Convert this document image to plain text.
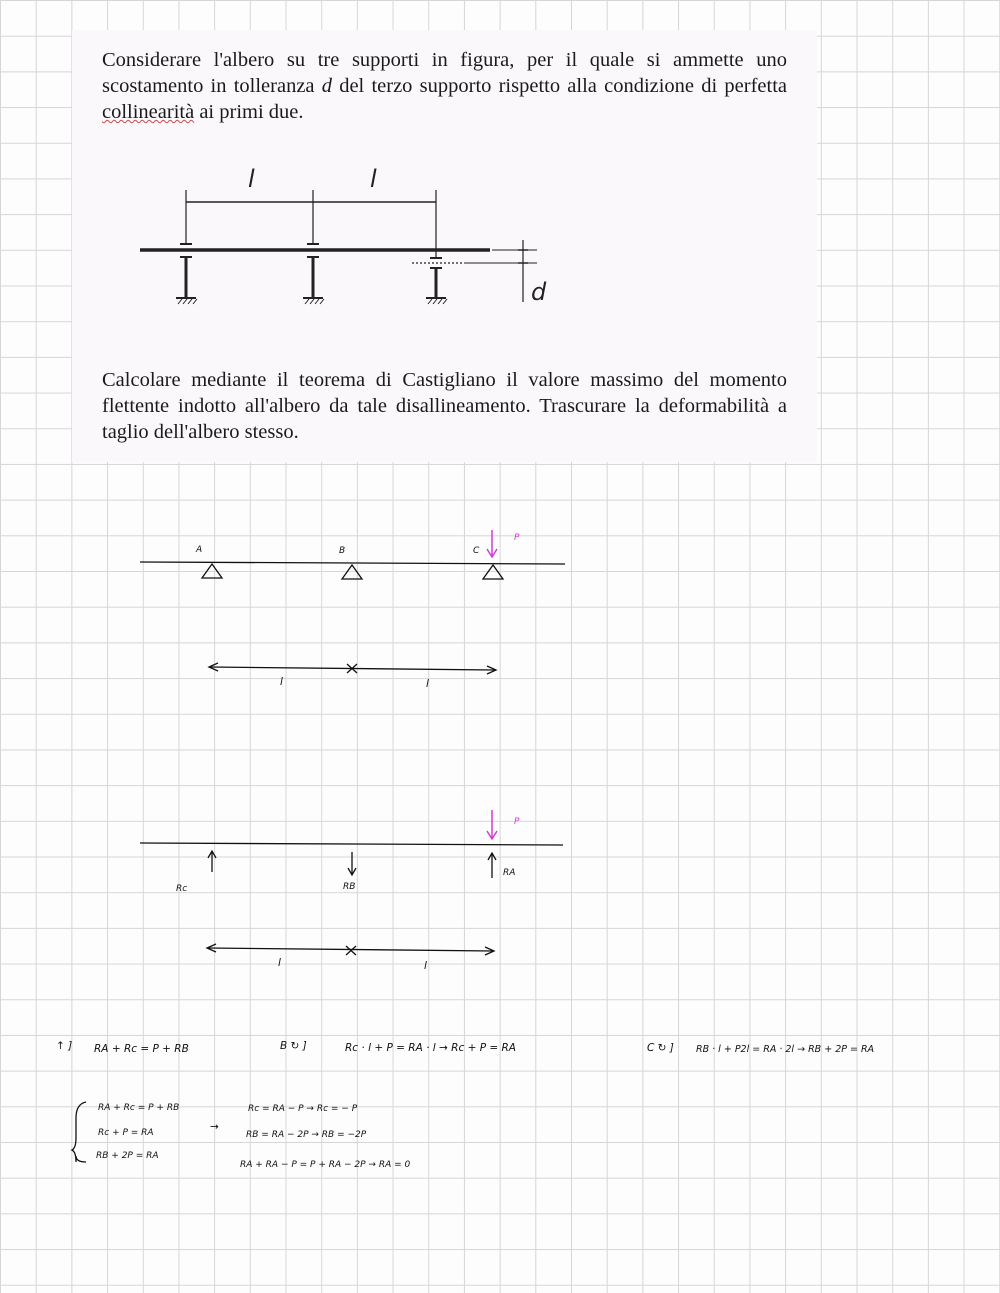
Considerare l'albero su tre supporti in figura, per il quale si ammette uno scostamento in tolleranza d del terzo supporto rispetto alla condizione di perfetta collinearità ai primi due.

l	l
d

Calcolare mediante il teorema di Castigliano il valore massimo del momento flettente indotto all'albero da tale disallineamento. Trascurare la deformabilità a taglio dell'albero stesso.

A	B	C
P
l	l
P
Rc	RB
RA
l	l
↑ ] RA + Rc = P + RB	B ↻ ]	Rc · l + P = RA · l → Rc + P = RA	C ↻ ] RB · l + P2l = RA · 2l → RB + 2P = RA
RA + Rc = P + RB
Rc + P = RA
RB + 2P = RA
→
Rc = RA − P → Rc = − P
RB = RA − 2P → RB = −2P
RA + RA − P = P + RA − 2P → RA = 0
